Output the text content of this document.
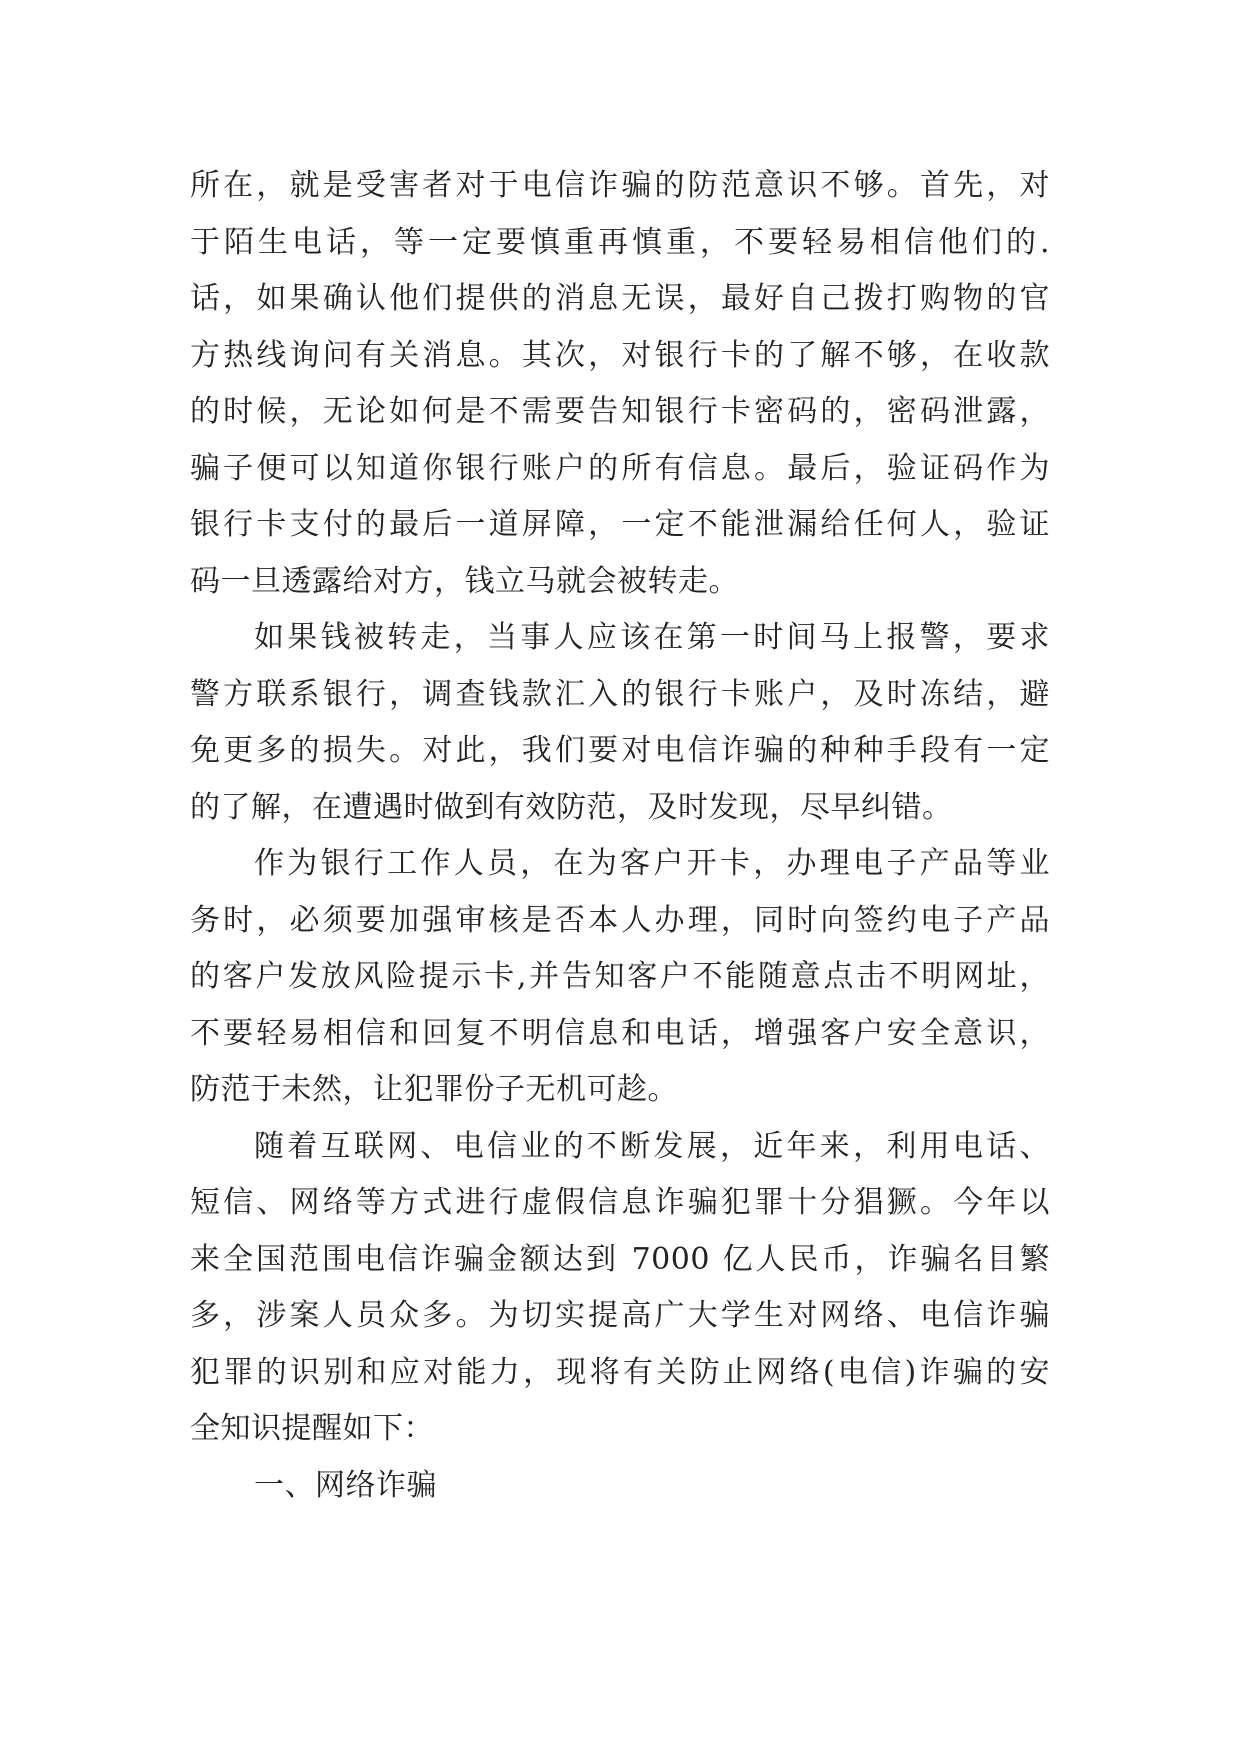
所在，就是受害者对于电信诈骗的防范意识不够。首先，对
于陌生电话，等一定要慎重再慎重，不要轻易相信他们的.
话，如果确认他们提供的消息无误，最好自己拨打购物的官
方热线询问有关消息。其次，对银行卡的了解不够，在收款
的时候，无论如何是不需要告知银行卡密码的，密码泄露，
骗子便可以知道你银行账户的所有信息。最后，验证码作为
银行卡支付的最后一道屏障，一定不能泄漏给任何人，验证
码一旦透露给对方，钱立马就会被转走。
如果钱被转走，当事人应该在第一时间马上报警，要求
警方联系银行，调查钱款汇入的银行卡账户，及时冻结，避
免更多的损失。对此，我们要对电信诈骗的种种手段有一定
的了解，在遭遇时做到有效防范，及时发现，尽早纠错。
作为银行工作人员，在为客户开卡，办理电子产品等业
务时，必须要加强审核是否本人办理，同时向签约电子产品
的客户发放风险提示卡,并告知客户不能随意点击不明网址，
不要轻易相信和回复不明信息和电话，增强客户安全意识，
防范于未然，让犯罪份子无机可趁。
随着互联网、电信业的不断发展，近年来，利用电话、
短信、网络等方式进行虚假信息诈骗犯罪十分猖獗。今年以
来全国范围电信诈骗金额达到 7000 亿人民币，诈骗名目繁
多，涉案人员众多。为切实提高广大学生对网络、电信诈骗
犯罪的识别和应对能力，现将有关防止网络(电信)诈骗的安
全知识提醒如下：
一、网络诈骗
